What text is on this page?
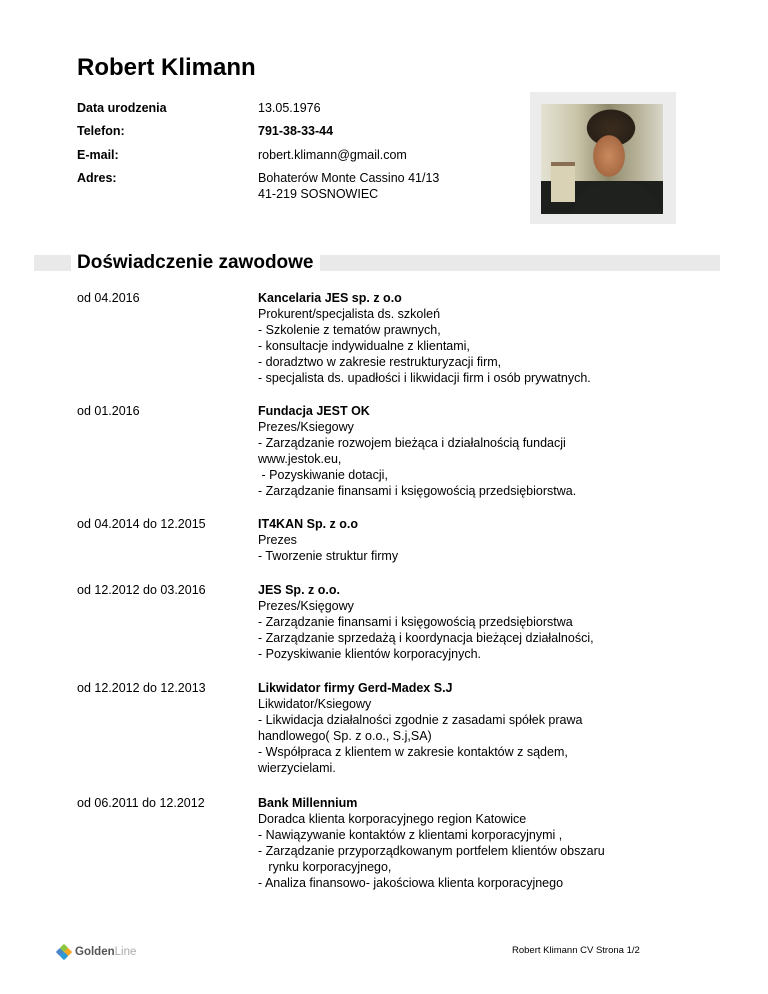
Robert Klimann
Data urodzenia	13.05.1976
Telefon:	791-38-33-44
E-mail:	robert.klimann@gmail.com
Adres:	Bohaterów Monte Cassino 41/13
41-219 SOSNOWIEC
Doświadczenie zawodowe
od 04.2016	Kancelaria JES sp. z o.o
Prokurent/specjalista ds. szkoleń
- Szkolenie z tematów prawnych,
- konsultacje indywidualne z klientami,
- doradztwo w zakresie restrukturyzacji firm,
- specjalista ds. upadłości i likwidacji firm i osób prywatnych.
od 01.2016	Fundacja JEST OK
Prezes/Ksiegowy
- Zarządzanie rozwojem bieżąca i działalnością fundacji
www.jestok.eu,
- Pozyskiwanie dotacji,
- Zarządzanie finansami i księgowością przedsiębiorstwa.
od 04.2014 do 12.2015	IT4KAN Sp. z o.o
Prezes
- Tworzenie struktur firmy
od 12.2012 do 03.2016	JES Sp. z o.o.
Prezes/Księgowy
- Zarządzanie finansami i księgowością przedsiębiorstwa
- Zarządzanie sprzedażą i koordynacja bieżącej działalności,
- Pozyskiwanie klientów korporacyjnych.
od 12.2012 do 12.2013	Likwidator firmy Gerd-Madex S.J
Likwidator/Ksiegowy
- Likwidacja działalności zgodnie z zasadami spółek prawa
handlowego( Sp. z o.o., S.j,SA)
- Współpraca z klientem w zakresie kontaktów z sądem,
wierzycielami.
od 06.2011 do 12.2012	Bank Millennium
Doradca klienta korporacyjnego region Katowice
- Nawiązywanie kontaktów z klientami korporacyjnymi ,
- Zarządzanie przyporządkowanym portfelem klientów obszaru
rynku korporacyjnego,
- Analiza finansowo- jakościowa klienta korporacyjnego
Golden Line	Robert Klimann CV Strona 1/2
